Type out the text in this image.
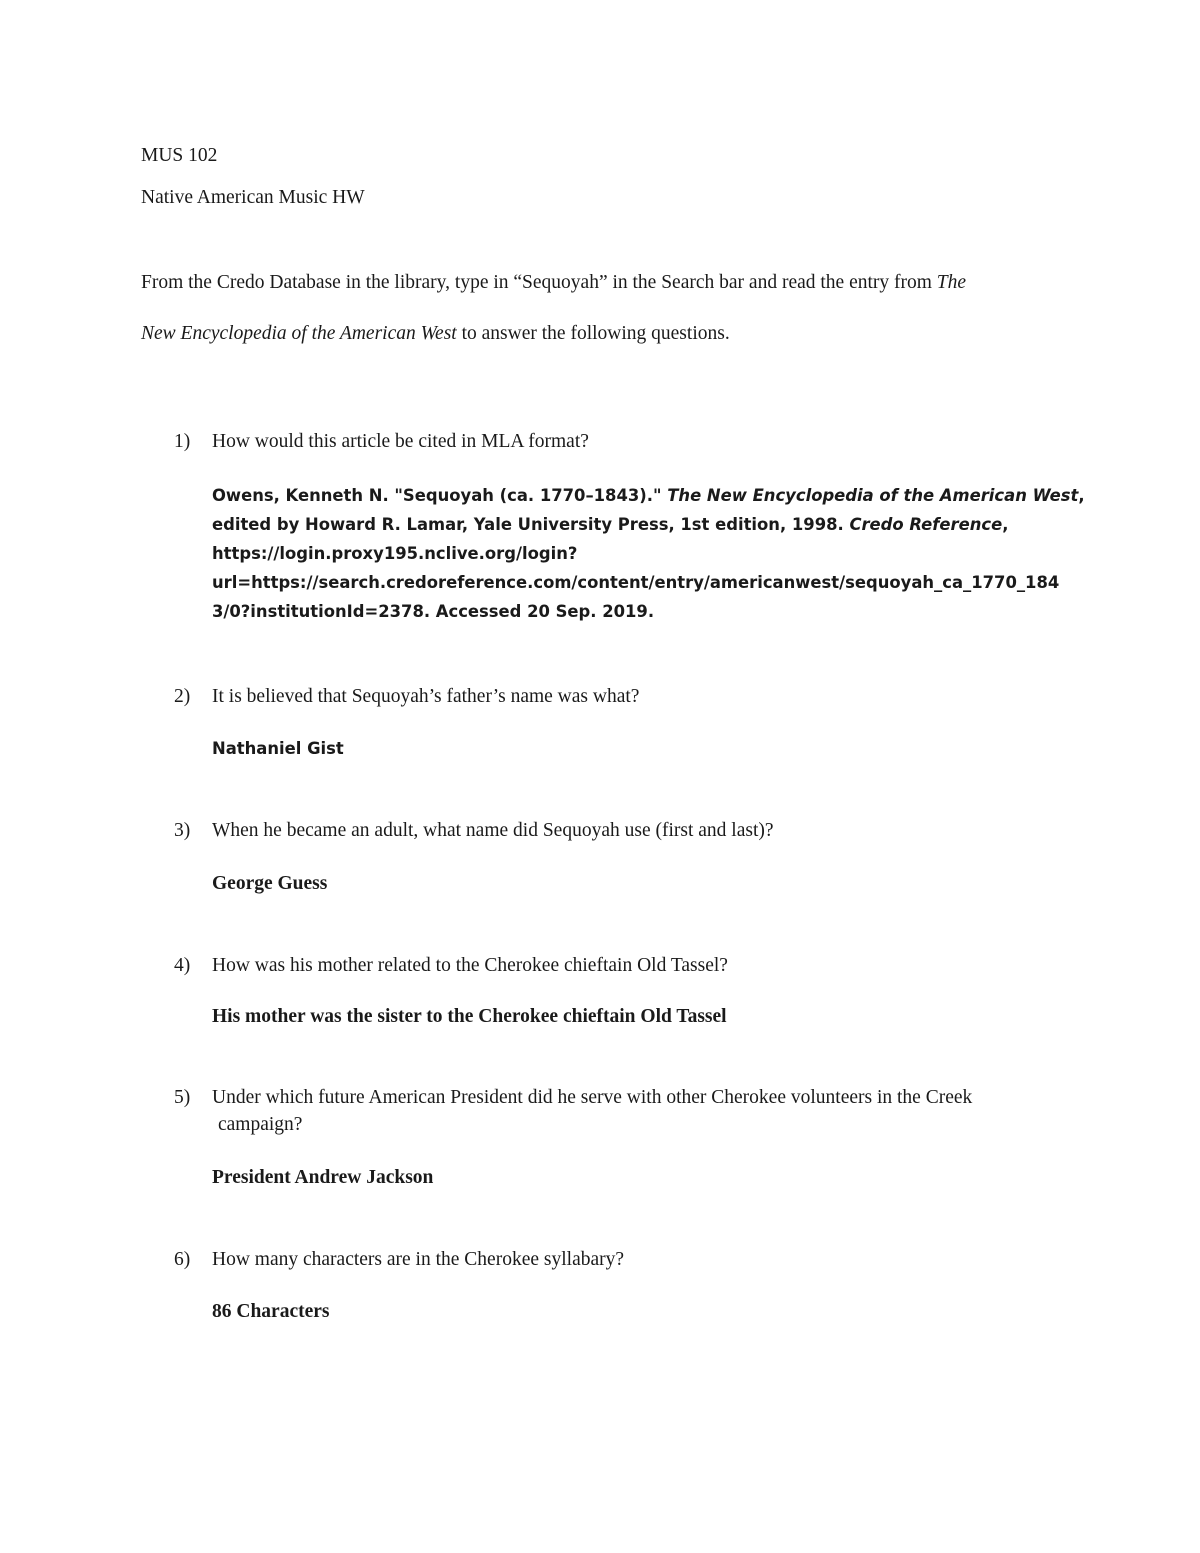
MUS 102
Native American Music HW
From the Credo Database in the library, type in “Sequoyah” in the Search bar and read the entry from The
New Encyclopedia of the American West to answer the following questions.
1) How would this article be cited in MLA format?
Owens, Kenneth N. "Sequoyah (ca. 1770–1843)." The New Encyclopedia of the American West,
edited by Howard R. Lamar, Yale University Press, 1st edition, 1998. Credo Reference,
https://login.proxy195.nclive.org/login?
url=https://search.credoreference.com/content/entry/americanwest/sequoyah_ca_1770_184
3/0?institutionId=2378. Accessed 20 Sep. 2019.
2) It is believed that Sequoyah’s father’s name was what?
Nathaniel Gist
3) When he became an adult, what name did Sequoyah use (first and last)?
George Guess
4) How was his mother related to the Cherokee chieftain Old Tassel?
His mother was the sister to the Cherokee chieftain Old Tassel
5) Under which future American President did he serve with other Cherokee volunteers in the Creek
campaign?
President Andrew Jackson
6) How many characters are in the Cherokee syllabary?
86 Characters
